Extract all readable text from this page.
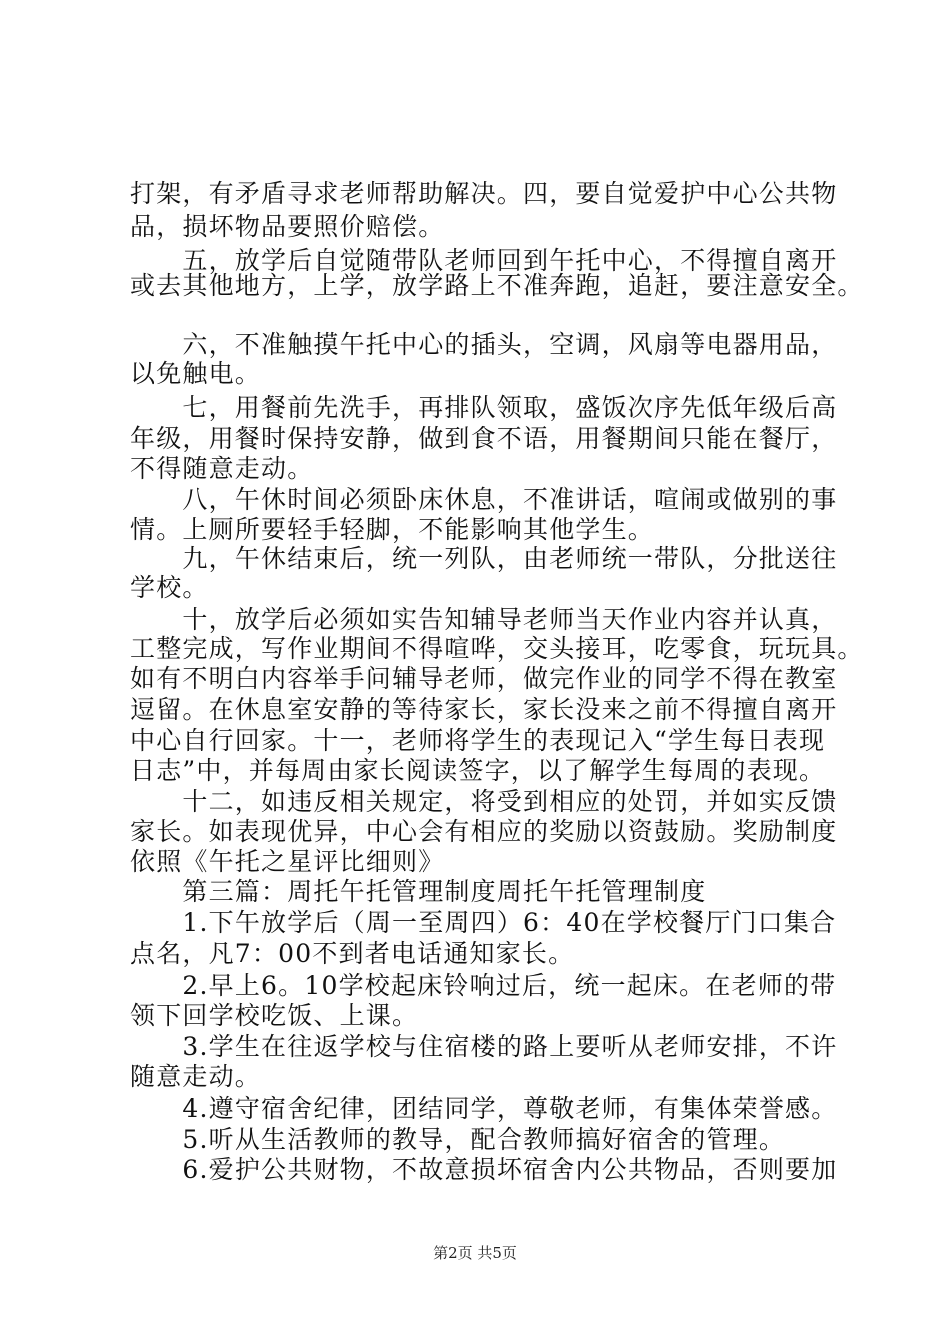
打架，有矛盾寻求老师帮助解决。四，要自觉爱护中心公共物
品，损坏物品要照价赔偿。
　　五，放学后自觉随带队老师回到午托中心，不得擅自离开
或去其他地方，上学，放学路上不准奔跑，追赶，要注意安全。
　　六，不准触摸午托中心的插头，空调，风扇等电器用品，
以免触电。
　　七，用餐前先洗手，再排队领取，盛饭次序先低年级后高
年级，用餐时保持安静，做到食不语，用餐期间只能在餐厅，
不得随意走动。
　　八，午休时间必须卧床休息，不准讲话，喧闹或做别的事
情。上厕所要轻手轻脚，不能影响其他学生。
　　九，午休结束后，统一列队，由老师统一带队，分批送往
学校。
　　十，放学后必须如实告知辅导老师当天作业内容并认真，
工整完成，写作业期间不得喧哗，交头接耳，吃零食，玩玩具。
如有不明白内容举手问辅导老师，做完作业的同学不得在教室
逗留。在休息室安静的等待家长，家长没来之前不得擅自离开
中心自行回家。十一，老师将学生的表现记入“学生每日表现
日志”中，并每周由家长阅读签字，以了解学生每周的表现。
　　十二，如违反相关规定，将受到相应的处罚，并如实反馈
家长。如表现优异，中心会有相应的奖励以资鼓励。奖励制度
依照《午托之星评比细则》
　　第三篇：周托午托管理制度周托午托管理制度
　　1.下午放学后（周一至周四）6：40在学校餐厅门口集合
点名，凡7：00不到者电话通知家长。
　　2.早上6。10学校起床铃响过后，统一起床。在老师的带
领下回学校吃饭、上课。
　　3.学生在往返学校与住宿楼的路上要听从老师安排，不许
随意走动。
　　4.遵守宿舍纪律，团结同学，尊敬老师，有集体荣誉感。
　　5.听从生活教师的教导，配合教师搞好宿舍的管理。
　　6.爱护公共财物，不故意损坏宿舍内公共物品，否则要加
第2页 共5页
